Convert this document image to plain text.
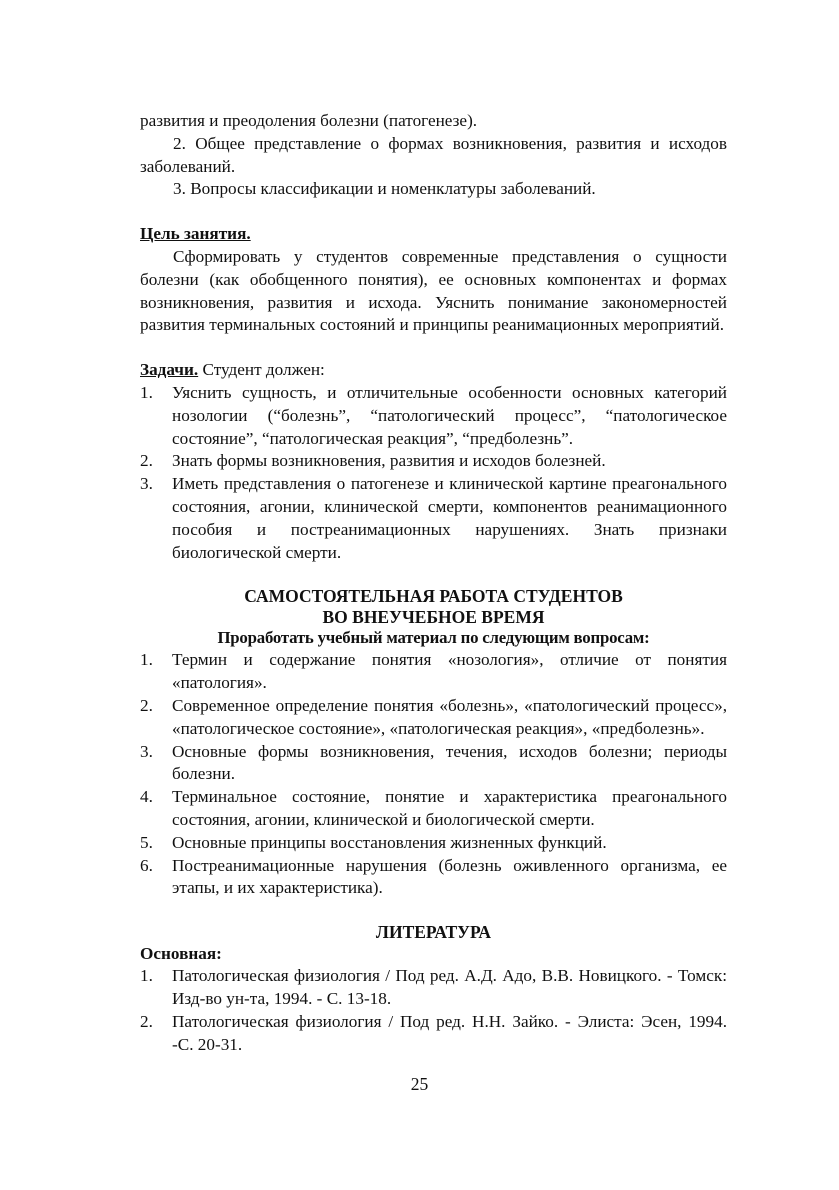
развития и преодоления болезни (патогенезе).

2. Общее представление о формах возникновения, развития и исходов заболеваний.

3. Вопросы классификации и номенклатуры заболеваний.

Цель занятия.

Сформировать у студентов современные представления о сущности болезни (как обобщенного понятия), ее основных компонентах и формах возникновения, развития и исхода. Уяснить понимание закономерностей развития терминальных состояний и принципы реанимационных мероприятий.

Задачи. Студент должен:

1. Уяснить сущность, и отличительные особенности основных категорий нозологии (“болезнь”, “патологический процесс”, “патологическое состояние”, “патологическая реакция”, “предболезнь”.
2. Знать формы возникновения, развития и исходов болезней.
3. Иметь представления о патогенезе и клинической картине преагонального состояния, агонии, клинической смерти, компонентов реанимационного пособия и постреанимационных нарушениях. Знать признаки биологической смерти.
САМОСТОЯТЕЛЬНАЯ РАБОТА СТУДЕНТОВ
ВО ВНЕУЧЕБНОЕ ВРЕМЯ
Проработать учебный материал по следующим вопросам:
1. Термин и содержание понятия «нозология», отличие от понятия «патология».
2. Современное определение понятия «болезнь», «патологический процесс», «патологическое состояние», «патологическая реакция», «предболезнь».
3. Основные формы возникновения, течения, исходов болезни; периоды болезни.
4. Терминальное состояние, понятие и характеристика преагонального состояния, агонии, клинической и биологической смерти.
5. Основные принципы восстановления жизненных функций.
6. Постреанимационные нарушения (болезнь оживленного организма, ее этапы, и их характеристика).
ЛИТЕРАТУРА

Основная:

1. Патологическая физиология / Под ред. А.Д. Адо, В.В. Новицкого. - Томск: Изд-во ун-та, 1994. - С. 13-18.
2. Патологическая физиология / Под ред. Н.Н. Зайко. - Элиста: Эсен, 1994. -С. 20-31.
25
